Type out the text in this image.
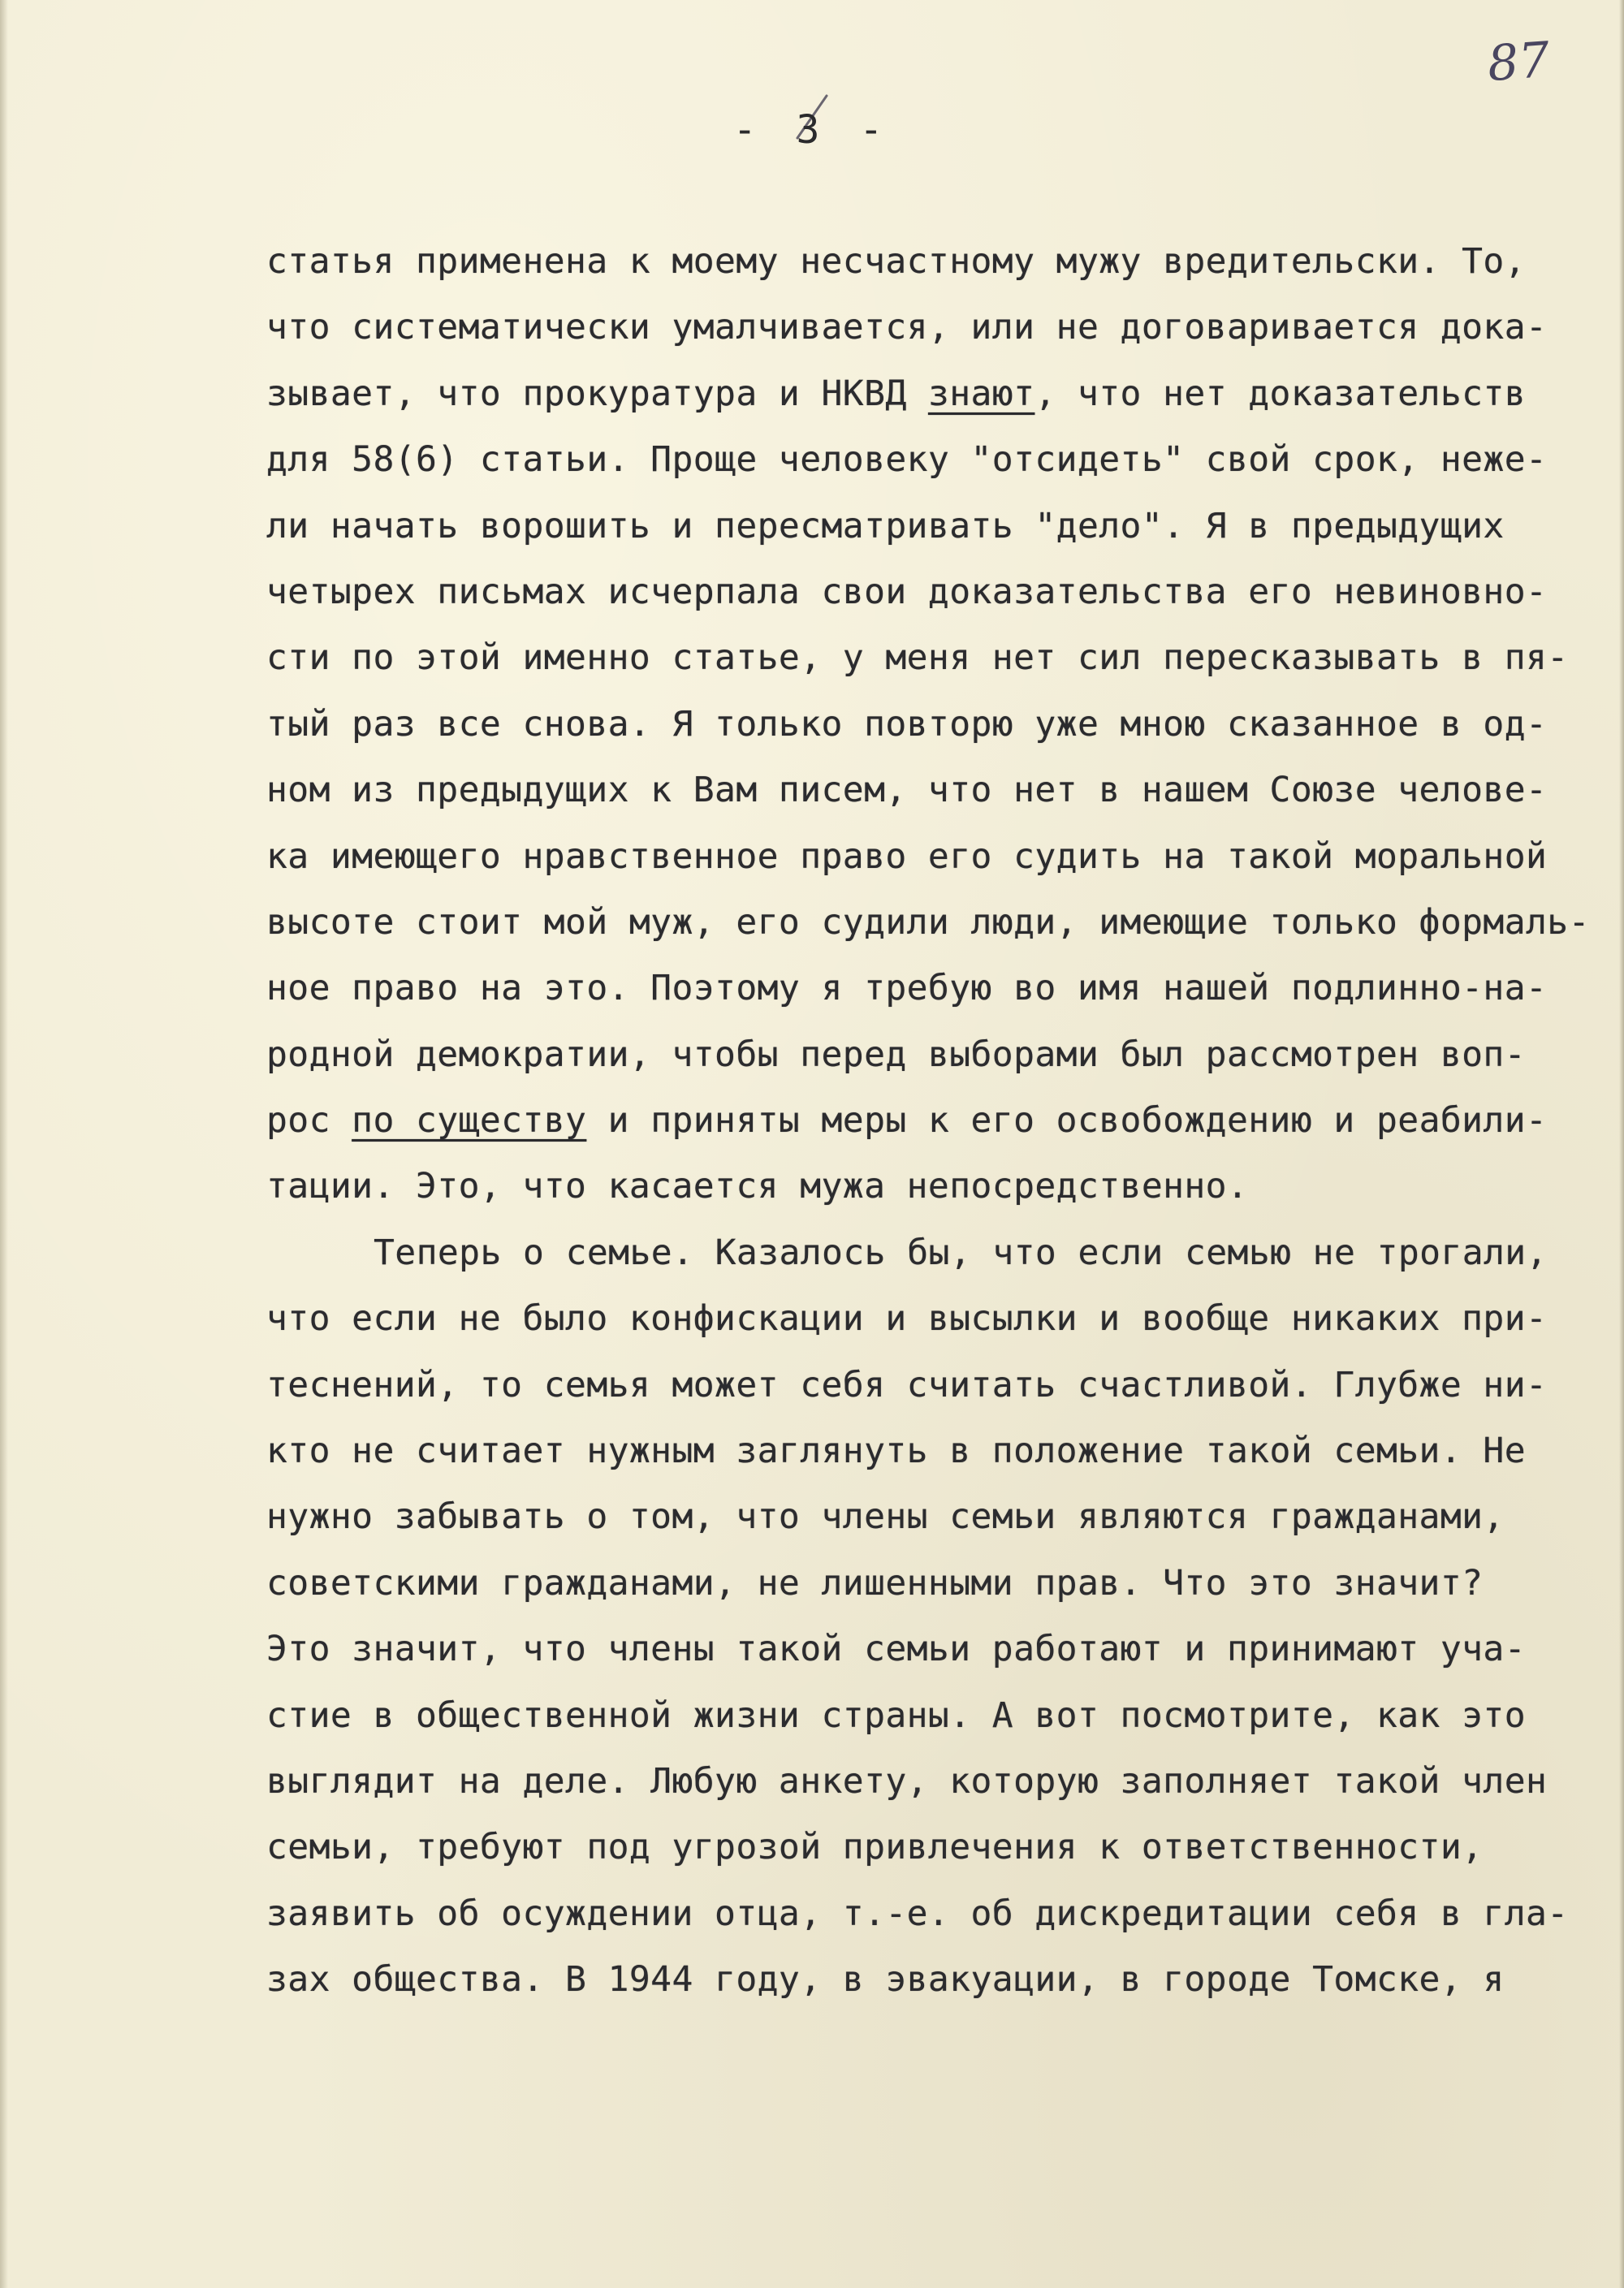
87
- 3 -
статья применена к моему несчастному мужу вредительски. То,
что систематически умалчивается, или не договаривается дока-
зывает, что прокуратура и НКВД знают, что нет доказательств
для 58(6) статьи. Проще человеку "отсидеть" свой срок, нежe-
ли начать ворошить и пересматривать "дело". Я в предыдущих
четырех письмах исчерпала свои доказательства его невиновно-
сти по этой именно статье, у меня нет сил пересказывать в пя-
тый раз все снова. Я только повторю уже мною сказанное в од-
ном из предыдущих к Вам писем, что нет в нашем Союзе челове-
ка имеющего нравственное право его судить на такой моральной
высоте стоит мой муж, его судили люди, имеющие только формаль-
ное право на это. Поэтому я требую во имя нашей подлинно-на-
родной демократии, чтобы перед выборами был рассмотрен воп-
рос по существу и приняты меры к его освобождению и реабили-
тации. Это, что касается мужа непосредственно.
Теперь о семье. Казалось бы, что если семью не трогали,
что если не было конфискации и высылки и вообще никаких при-
теснений, то семья может себя считать счастливой. Глубже ни-
кто не считает нужным заглянуть в положение такой семьи. Не
нужно забывать о том, что члены семьи являются гражданами,
советскими гражданами, не лишенными прав. Что это значит?
Это значит, что члены такой семьи работают и принимают уча-
стие в общественной жизни страны. А вот посмотрите, как это
выглядит на деле. Любую анкету, которую заполняет такой член
семьи, требуют под угрозой привлечения к ответственности,
заявить об осуждении отца, т.-е. об дискредитации себя в гла-
зах общества. В 1944 году, в эвакуации, в городе Томске, я
